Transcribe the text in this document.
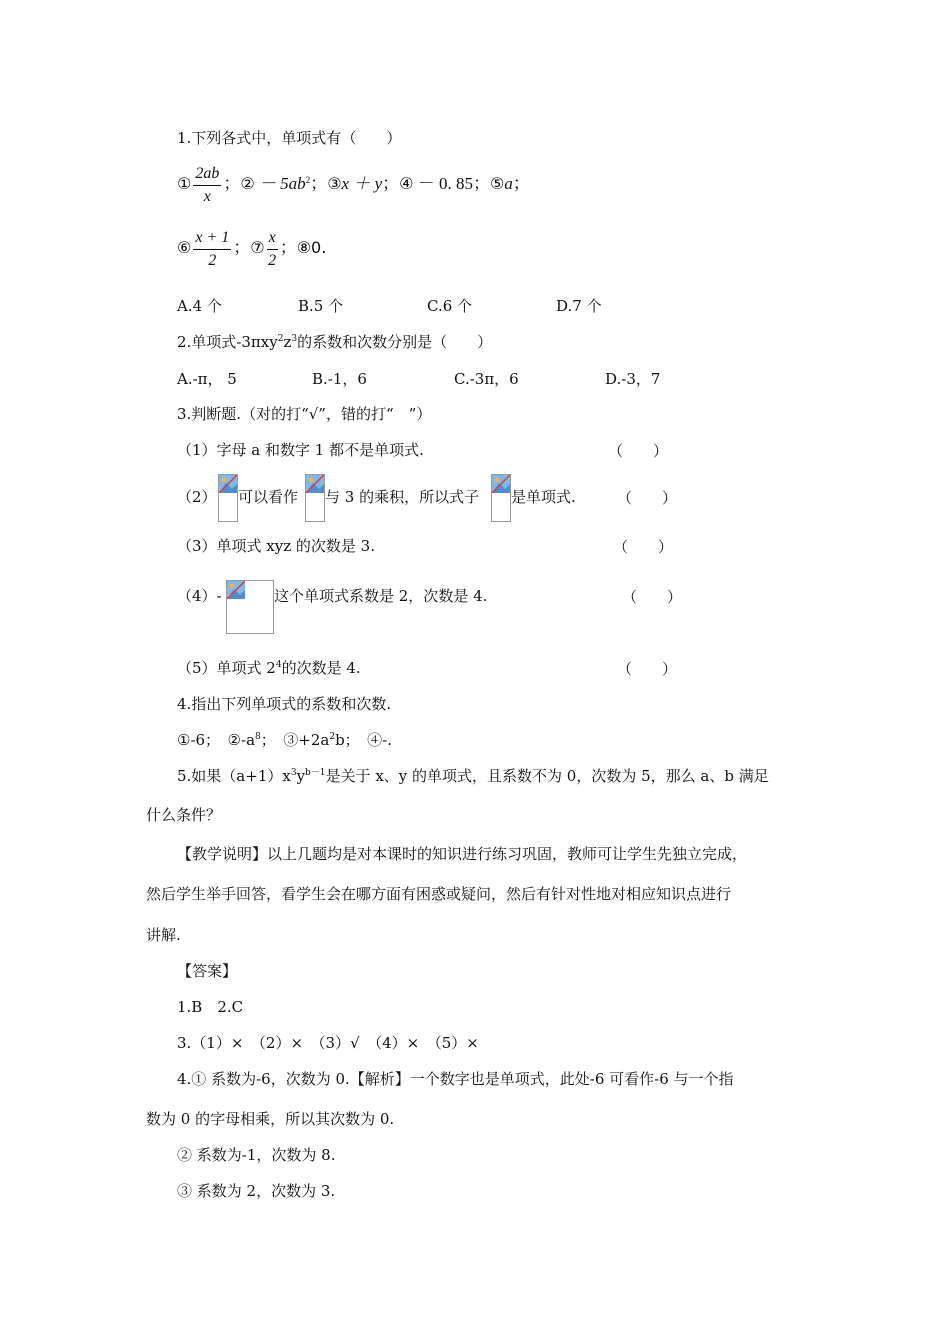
1.下列各式中，单项式有（　　）
① $\frac{2ab}{x}$ ；② － $5ab^2$；③x ＋ y；④ － 0. 85；⑤a；
⑥ $\frac{x + 1}{2}$ ；⑦ $\frac{x}{2}$ ；⑧0.
A.4 个	B.5 个	C.6 个	D.7 个
2.单项式$-3\pi xy^2z^3$的系数和次数分别是（　　）
A.-π， 5	B.-1，6	C.-3π，6	D.-3，7
3.判断题.（对的打“√”，错的打“　”）
（1）字母 a 和数字 1 都不是单项式.	（　　）
（2） 可以看作 与 3 的乘积，所以式子 是单项式.	（　　）
（3）单项式 xyz 的次数是 3.	（　　）
（4）-	这个单项式系数是 2，次数是 4.	（　　）
（5）单项式 $2^4$的次数是 4.	（　　）
4.指出下列单项式的系数和次数.
①-6；　$②-a^8$；　$③+2a^2b$；　④-.
5.如果$(a+1)x^3y^{b-1}$是关于 x、y 的单项式，且系数不为 0，次数为 5，那么 a、b 满足
什么条件？
【教学说明】以上几题均是对本课时的知识进行练习巩固，教师可让学生先独立完成，
然后学生举手回答，看学生会在哪方面有困惑或疑问，然后有针对性地对相应知识点进行
讲解.
【答案】
1.B　2.C
3.（1）×　（2）×　（3）√　（4）×　（5）×
4.① 系数为-6，次数为 0.【解析】一个数字也是单项式，此处-6 可看作-6 与一个指
数为 0 的字母相乘，所以其次数为 0.
② 系数为-1，次数为 8.
③ 系数为 2，次数为 3.
